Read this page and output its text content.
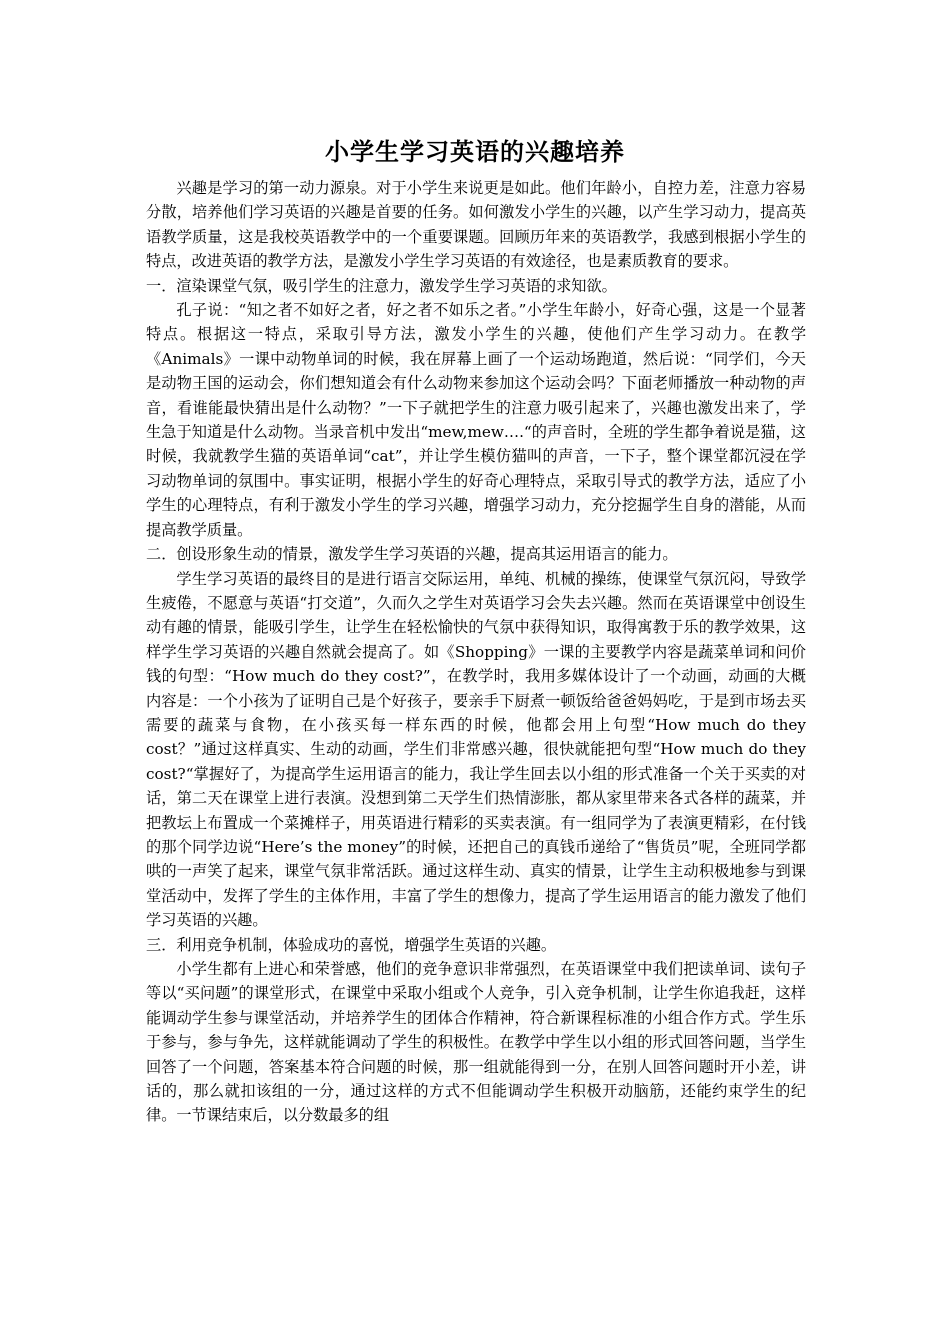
小学生学习英语的兴趣培养

兴趣是学习的第一动力源泉。对于小学生来说更是如此。他们年龄小，自控力差，注意力容易分散，培养他们学习英语的兴趣是首要的任务。如何激发小学生的兴趣，以产生学习动力，提高英语教学质量，这是我校英语教学中的一个重要课题。回顾历年来的英语教学，我感到根据小学生的特点，改进英语的教学方法，是激发小学生学习英语的有效途径，也是素质教育的要求。

一．渲染课堂气氛，吸引学生的注意力，激发学生学习英语的求知欲。

孔子说：“知之者不如好之者，好之者不如乐之者。”小学生年龄小，好奇心强，这是一个显著特点。根据这一特点，采取引导方法，激发小学生的兴趣，使他们产生学习动力。在教学《Animals》一课中动物单词的时候，我在屏幕上画了一个运动场跑道，然后说：“同学们，今天是动物王国的运动会，你们想知道会有什么动物来参加这个运动会吗？下面老师播放一种动物的声音，看谁能最快猜出是什么动物？”一下子就把学生的注意力吸引起来了，兴趣也激发出来了，学生急于知道是什么动物。当录音机中发出“mew,mew….“的声音时，全班的学生都争着说是猫，这时候，我就教学生猫的英语单词“cat”，并让学生模仿猫叫的声音，一下子，整个课堂都沉浸在学习动物单词的氛围中。事实证明，根据小学生的好奇心理特点，采取引导式的教学方法，适应了小学生的心理特点，有利于激发小学生的学习兴趣，增强学习动力，充分挖掘学生自身的潜能，从而提高教学质量。

二．创设形象生动的情景，激发学生学习英语的兴趣，提高其运用语言的能力。

学生学习英语的最终目的是进行语言交际运用，单纯、机械的操练，使课堂气氛沉闷，导致学生疲倦，不愿意与英语“打交道”，久而久之学生对英语学习会失去兴趣。然而在英语课堂中创设生动有趣的情景，能吸引学生，让学生在轻松愉快的气氛中获得知识，取得寓教于乐的教学效果，这样学生学习英语的兴趣自然就会提高了。如《Shopping》一课的主要教学内容是蔬菜单词和问价钱的句型：“How much do they cost?”，在教学时，我用多媒体设计了一个动画，动画的大概内容是：一个小孩为了证明自己是个好孩子，要亲手下厨煮一顿饭给爸爸妈妈吃，于是到市场去买需要的蔬菜与食物，在小孩买每一样东西的时候，他都会用上句型“How much do they cost？”通过这样真实、生动的动画，学生们非常感兴趣，很快就能把句型“How much do they cost?“掌握好了，为提高学生运用语言的能力，我让学生回去以小组的形式准备一个关于买卖的对话，第二天在课堂上进行表演。没想到第二天学生们热情澎胀，都从家里带来各式各样的蔬菜，并把教坛上布置成一个菜摊样子，用英语进行精彩的买卖表演。有一组同学为了表演更精彩，在付钱的那个同学边说“Here’s the money”的时候，还把自己的真钱币递给了“售货员”呢，全班同学都哄的一声笑了起来，课堂气氛非常活跃。通过这样生动、真实的情景，让学生主动积极地参与到课堂活动中，发挥了学生的主体作用，丰富了学生的想像力，提高了学生运用语言的能力激发了他们学习英语的兴趣。

三．利用竞争机制，体验成功的喜悦，增强学生英语的兴趣。

小学生都有上进心和荣誉感，他们的竞争意识非常强烈，在英语课堂中我们把读单词、读句子等以“买问题”的课堂形式，在课堂中采取小组或个人竞争，引入竞争机制，让学生你追我赶，这样能调动学生参与课堂活动，并培养学生的团体合作精神，符合新课程标准的小组合作方式。学生乐于参与，参与争先，这样就能调动了学生的积极性。在教学中学生以小组的形式回答问题，当学生回答了一个问题，答案基本符合问题的时候，那一组就能得到一分，在别人回答问题时开小差，讲话的，那么就扣该组的一分，通过这样的方式不但能调动学生积极开动脑筋，还能约束学生的纪律。一节课结束后，以分数最多的组
